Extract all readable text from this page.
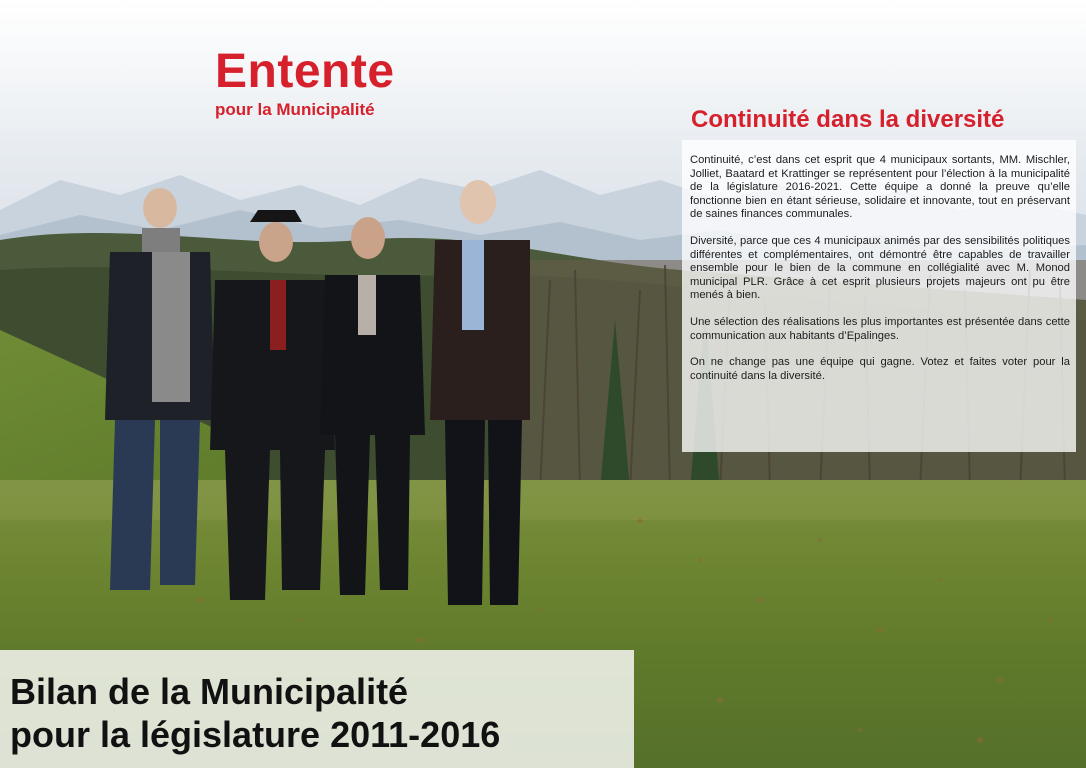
Entente
pour la Municipalité	Continuité dans la diversité

Continuité, c’est dans cet esprit que 4 municipaux sortants, MM. Mischler, Jolliet, Baatard et Krattinger se représentent pour l’élection à la municipalité de la législature 2016-2021. Cette équipe a donné la preuve qu’elle fonctionne bien en étant sérieuse, solidaire et innovante, tout en préservant de saines finances communales.

Diversité, parce que ces 4 municipaux animés par des sensibilités politiques différentes et complémentaires, ont démontré être capables de travailler ensemble pour le bien de la commune en collégialité avec M. Monod municipal PLR. Grâce à cet esprit plusieurs projets majeurs ont pu être menés à bien.

Une sélection des réalisations les plus importantes est présentée dans cette communication aux habitants d’Epalinges.

On ne change pas une équipe qui gagne. Votez et faites voter pour la continuité dans la diversité.

Bilan de la Municipalité
pour la législature 2011-2016
